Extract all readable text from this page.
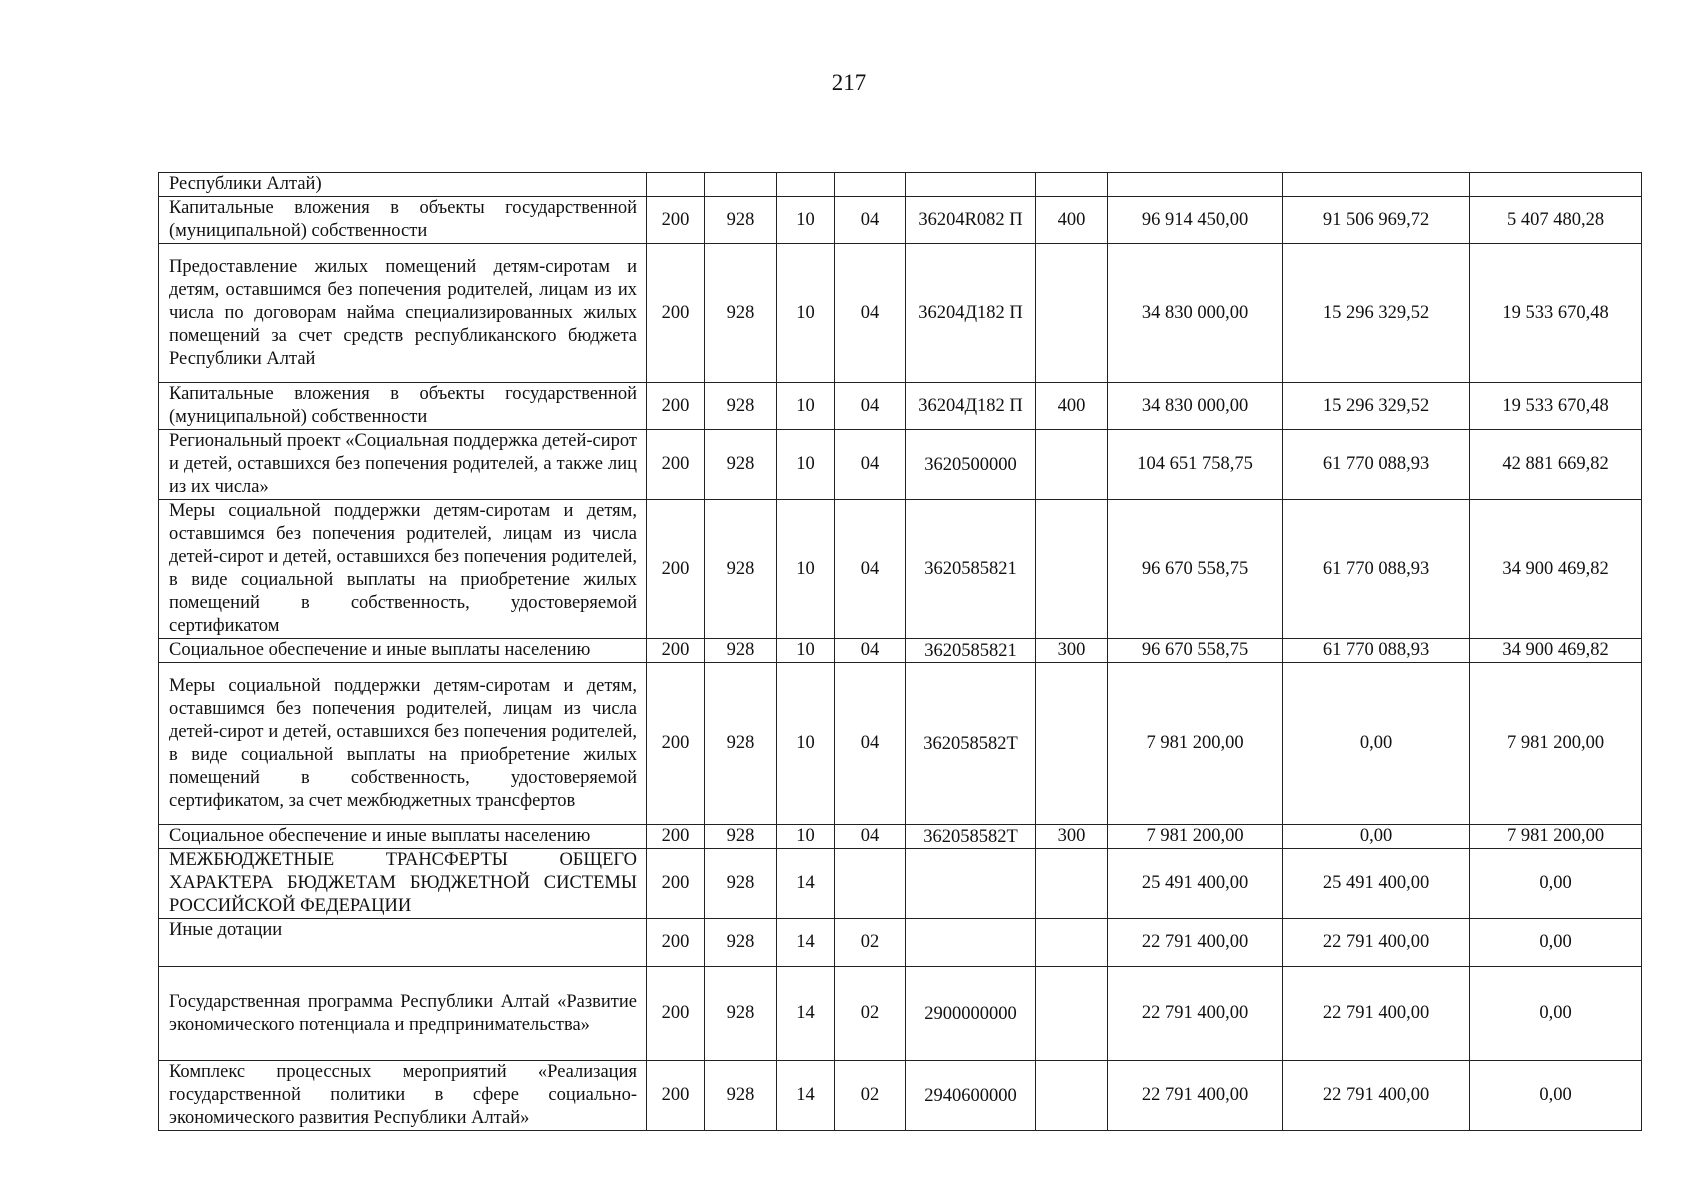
217
Республики Алтай)									
Капитальные вложения в объекты государственной (муниципальной) собственности	200	928	10	04	36204R082 П	400	96 914 450,00	91 506 969,72	5 407 480,28
Предоставление жилых помещений детям-сиротам и детям, оставшимся без попечения родителей, лицам из их числа по договорам найма специализированных жилых помещений за счет средств республиканского бюджета Республики Алтай	200	928	10	04	36204Д182 П		34 830 000,00	15 296 329,52	19 533 670,48
Капитальные вложения в объекты государственной (муниципальной) собственности	200	928	10	04	36204Д182 П	400	34 830 000,00	15 296 329,52	19 533 670,48
Региональный проект «Социальная поддержка детей-сирот и детей, оставшихся без попечения родителей, а также лиц из их числа»	200	928	10	04	3620500000		104 651 758,75	61 770 088,93	42 881 669,82
Меры социальной поддержки детям-сиротам и детям, оставшимся без попечения родителей, лицам из числа детей-сирот и детей, оставшихся без попечения родителей, в виде социальной выплаты на приобретение жилых помещений в собственность, удостоверяемой сертификатом	200	928	10	04	3620585821		96 670 558,75	61 770 088,93	34 900 469,82
Социальное обеспечение и иные выплаты населению	200	928	10	04	3620585821	300	96 670 558,75	61 770 088,93	34 900 469,82
Меры социальной поддержки детям-сиротам и детям, оставшимся без попечения родителей, лицам из числа детей-сирот и детей, оставшихся без попечения родителей, в виде социальной выплаты на приобретение жилых помещений в собственность, удостоверяемой сертификатом, за счет межбюджетных трансфертов	200	928	10	04	362058582Т		7 981 200,00	0,00	7 981 200,00
Социальное обеспечение и иные выплаты населению	200	928	10	04	362058582Т	300	7 981 200,00	0,00	7 981 200,00
МЕЖБЮДЖЕТНЫЕ ТРАНСФЕРТЫ ОБЩЕГО ХАРАКТЕРА БЮДЖЕТАМ БЮДЖЕТНОЙ СИСТЕМЫ РОССИЙСКОЙ ФЕДЕРАЦИИ	200	928	14				25 491 400,00	25 491 400,00	0,00
Иные дотации	200	928	14	02			22 791 400,00	22 791 400,00	0,00
Государственная программа Республики Алтай «Развитие экономического потенциала и предпринимательства»	200	928	14	02	2900000000		22 791 400,00	22 791 400,00	0,00
Комплекс процессных мероприятий «Реализация государственной политики в сфере социально-экономического развития Республики Алтай»	200	928	14	02	2940600000		22 791 400,00	22 791 400,00	0,00
